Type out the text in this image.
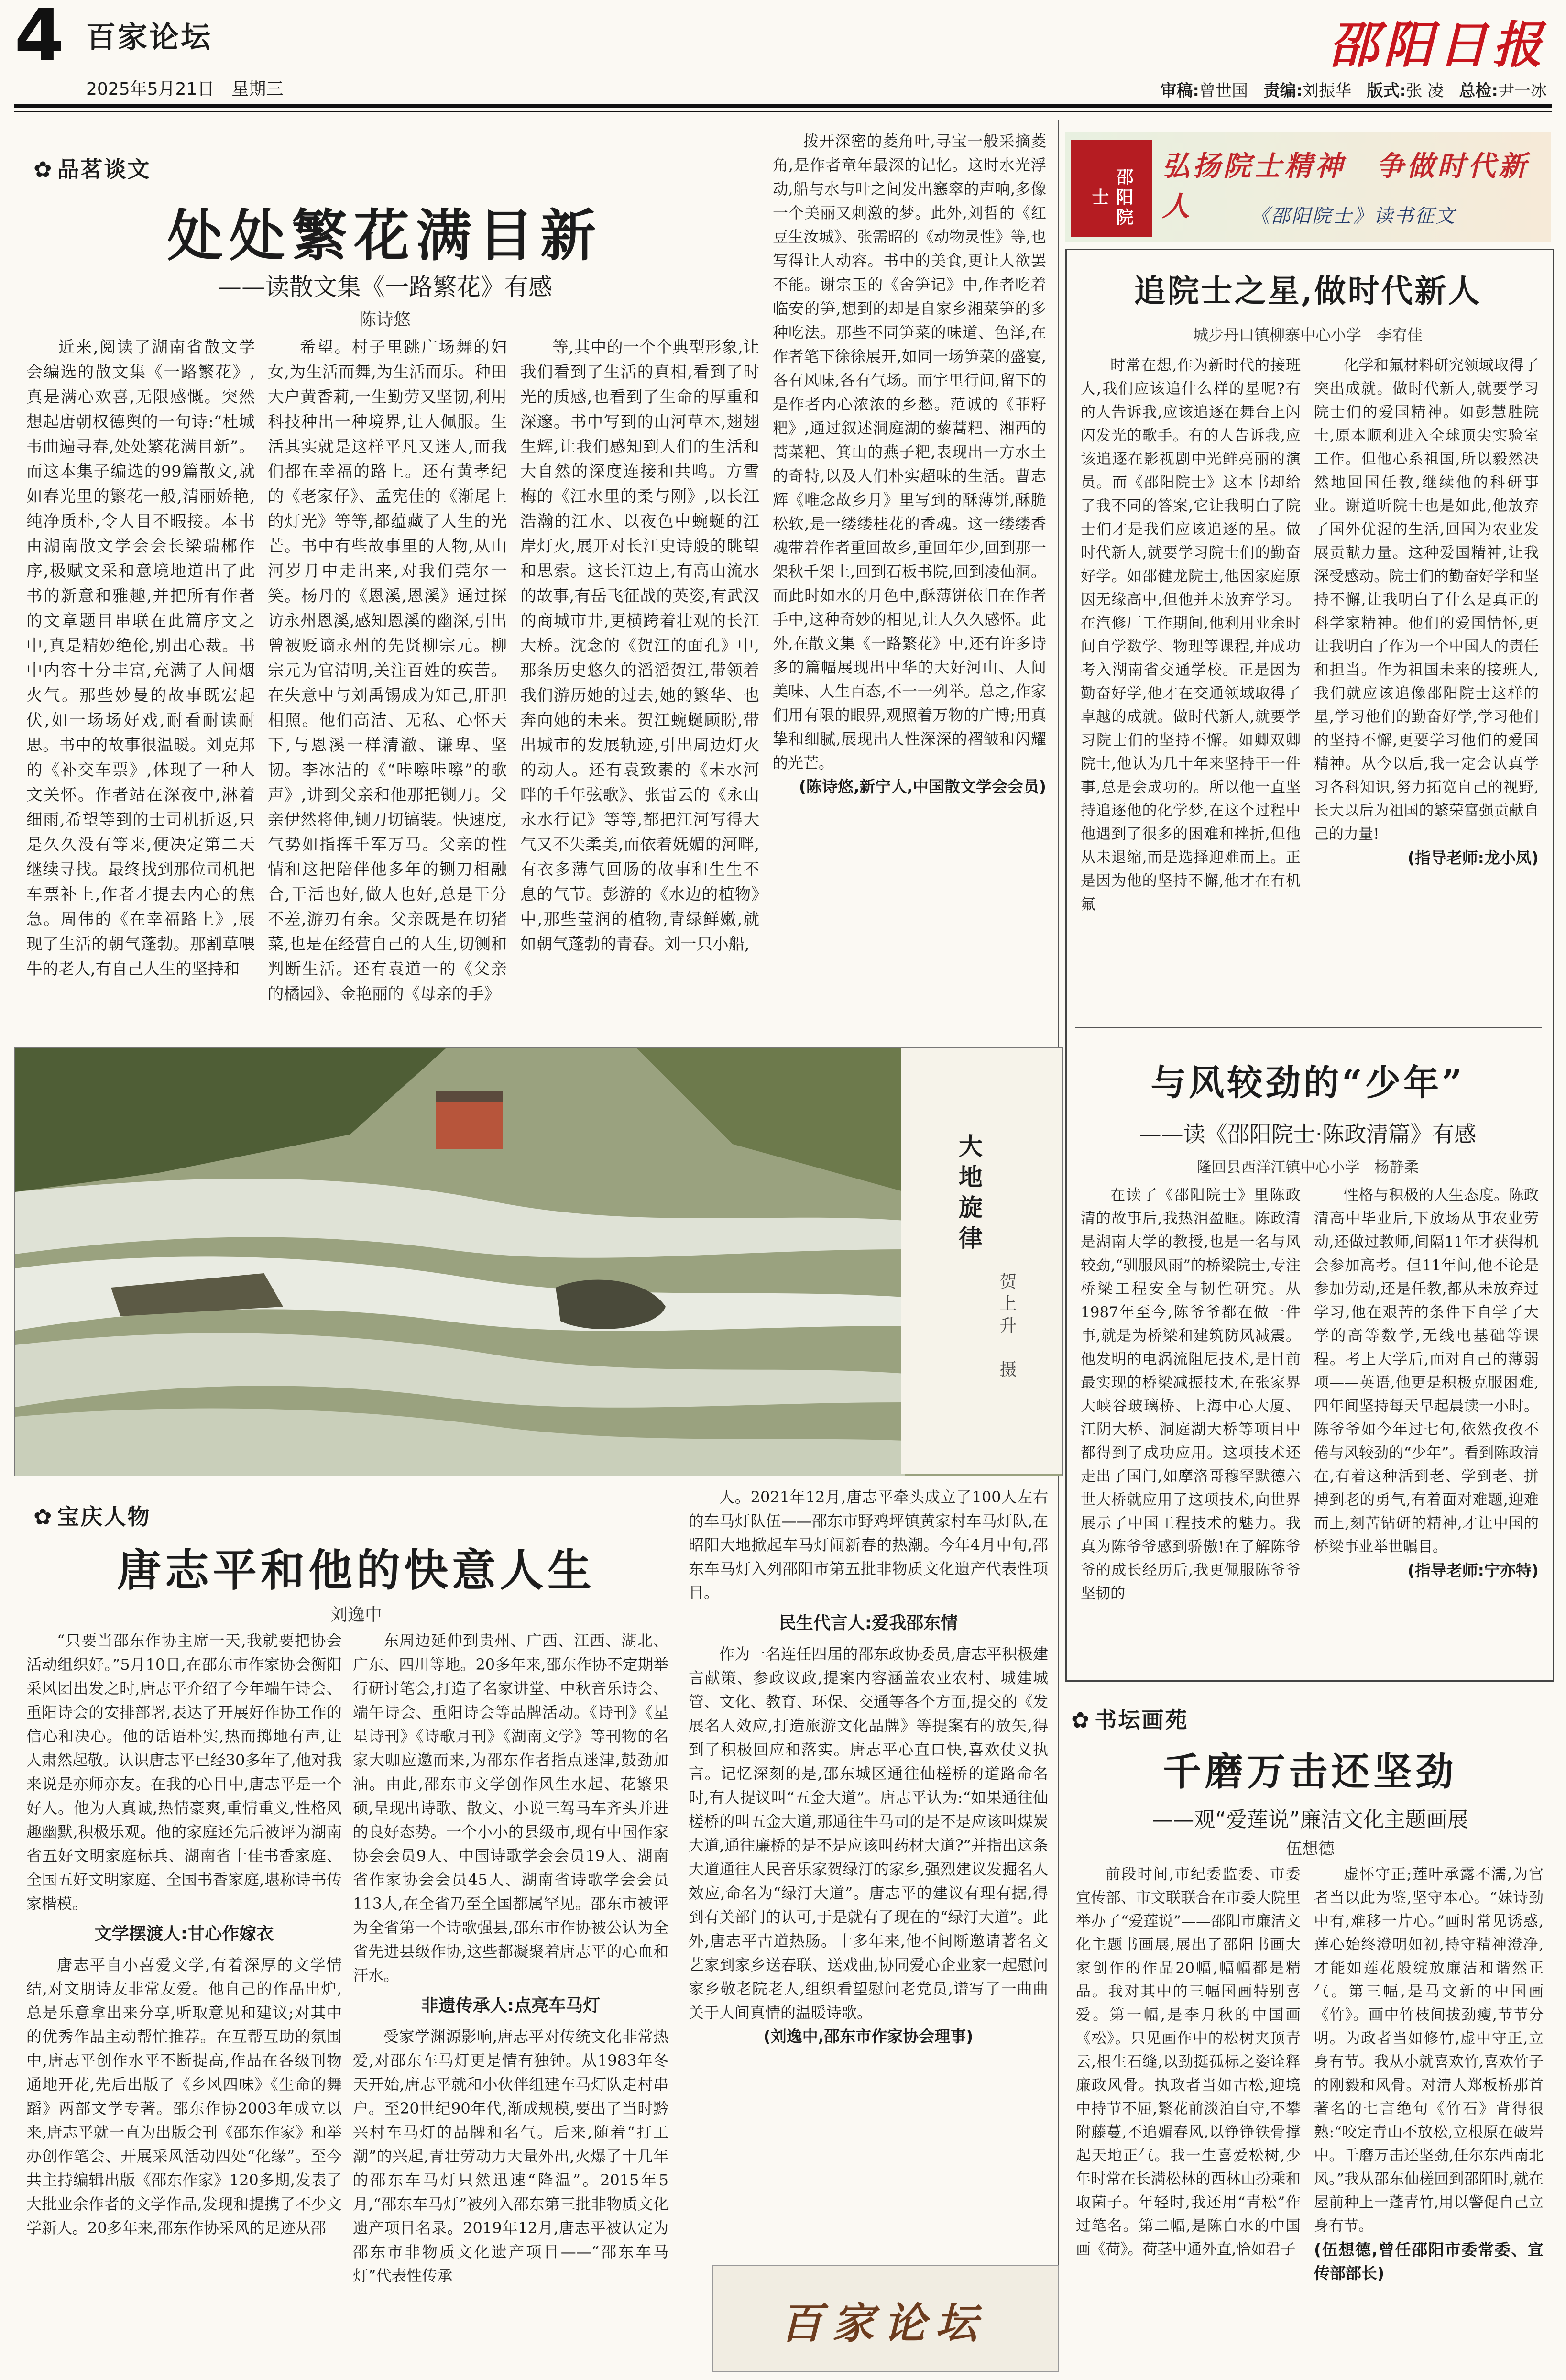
4 百家论坛
2025年5月21日　星期三
邵阳日报
审稿:曾世国 责编:刘振华 版式:张 凌 总检:尹一冰
✿ 品茗谈文
处处繁花满目新
——读散文集《一路繁花》有感
陈诗悠

近来,阅读了湖南省散文学会编选的散文集《一路繁花》,真是满心欢喜,无限感慨。突然想起唐朝权德舆的一句诗:“杜城韦曲遍寻春,处处繁花满目新”。而这本集子编选的99篇散文,就如春光里的繁花一般,清丽娇艳,纯净质朴,令人目不暇接。本书由湖南散文学会会长梁瑞郴作序,极赋文采和意境地道出了此书的新意和雅趣,并把所有作者的文章题目串联在此篇序文之中,真是精妙绝伦,别出心裁。书中内容十分丰富,充满了人间烟火气。那些妙曼的故事既宏起伏,如一场场好戏,耐看耐读耐思。书中的故事很温暖。刘克邦的《补交车票》,体现了一种人文关怀。作者站在深夜中,淋着细雨,希望等到的士司机折返,只是久久没有等来,便决定第二天继续寻找。最终找到那位司机把车票补上,作者才提去内心的焦急。周伟的《在幸福路上》,展现了生活的朝气蓬勃。那割草喂牛的老人,有自己人生的坚持和

希望。村子里跳广场舞的妇女,为生活而舞,为生活而乐。种田大户黄香莉,一生勤劳又坚韧,利用科技种出一种境界,让人佩服。生活其实就是这样平凡又迷人,而我们都在幸福的路上。还有黄孝纪的《老家仔》、孟宪佳的《渐尾上的灯光》等等,都蕴藏了人生的光芒。书中有些故事里的人物,从山河岁月中走出来,对我们莞尔一笑。杨丹的《恩溪,恩溪》通过探访永州恩溪,感知恩溪的幽深,引出曾被贬谪永州的先贤柳宗元。柳宗元为官清明,关注百姓的疾苦。在失意中与刘禹锡成为知己,肝胆相照。他们高洁、无私、心怀天下,与恩溪一样清澈、谦卑、坚韧。李冰洁的《“咔嚓咔嚓”的歌声》,讲到父亲和他那把铡刀。父亲伊然将伸,铡刀切镐装。快速度,气势如指挥千军万马。父亲的性情和这把陪伴他多年的铡刀相融合,干活也好,做人也好,总是干分不差,游刃有余。父亲既是在切猪菜,也是在经营自己的人生,切铡和判断生活。还有袁道一的《父亲的橘园》、金艳丽的《母亲的手》

等,其中的一个个典型形象,让我们看到了生活的真相,看到了时光的质感,也看到了生命的厚重和深邃。书中写到的山河草木,翅翅生辉,让我们感知到人们的生活和大自然的深度连接和共鸣。方雪梅的《江水里的柔与刚》,以长江浩瀚的江水、以夜色中蜿蜒的江岸灯火,展开对长江史诗般的眺望和思索。这长江边上,有高山流水的故事,有岳飞征战的英姿,有武汉的商城市井,更横跨着壮观的长江大桥。沈念的《贺江的面孔》中,那条历史悠久的滔滔贺江,带领着我们游历她的过去,她的繁华、也奔向她的未来。贺江蜿蜒顾盼,带出城市的发展轨迹,引出周边灯火的动人。还有袁致素的《未水河畔的千年弦歌》、张雷云的《永山永水行记》等等,都把江河写得大气又不失柔美,而依着妩媚的河畔,有衣多薄气回肠的故事和生生不息的气节。彭游的《水边的植物》中,那些莹润的植物,青绿鲜嫩,就如朝气蓬勃的青春。刘一只小船,

拨开深密的菱角叶,寻宝一般采摘菱角,是作者童年最深的记忆。这时水光浮动,船与水与叶之间发出窸窣的声响,多像一个美丽又刺激的梦。此外,刘哲的《红豆生汝城》、张需昭的《动物灵性》等,也写得让人动容。书中的美食,更让人欲罢不能。谢宗玉的《舍笋记》中,作者吃着临安的笋,想到的却是自家乡湘菜笋的多种吃法。那些不同笋菜的味道、色泽,在作者笔下徐徐展开,如同一场笋菜的盛宴,各有风味,各有气场。而宇里行间,留下的是作者内心浓浓的乡愁。范诚的《菲籽粑》,通过叙述洞庭湖的藜蒿粑、湘西的蒿菜粑、箕山的燕子粑,表现出一方水土的奇特,以及人们朴实超味的生活。曹志辉《唯念故乡月》里写到的酥薄饼,酥脆松软,是一缕缕桂花的香魂。这一缕缕香魂带着作者重回故乡,重回年少,回到那一架秋千架上,回到石板书院,回到凌仙洞。而此时如水的月色中,酥薄饼依旧在作者手中,这种奇妙的相见,让人久久感怀。此外,在散文集《一路繁花》中,还有许多诗多的篇幅展现出中华的大好河山、人间美味、人生百态,不一一列举。总之,作家们用有限的眼界,观照着万物的广博;用真挚和细腻,展现出人性深深的褶皱和闪耀的光芒。

(陈诗悠,新宁人,中国散文学会会员)
大地旋律
贺上升　摄
✿ 宝庆人物
唐志平和他的快意人生
刘逸中

“只要当邵东作协主席一天,我就要把协会活动组织好。”5月10日,在邵东市作家协会衡阳采风团出发之时,唐志平介绍了今年端午诗会、重阳诗会的安排部署,表达了开展好作协工作的信心和决心。他的话语朴实,热而掷地有声,让人肃然起敬。认识唐志平已经30多年了,他对我来说是亦师亦友。在我的心目中,唐志平是一个好人。他为人真诚,热情豪爽,重情重义,性格风趣幽默,积极乐观。他的家庭还先后被评为湖南省五好文明家庭标兵、湖南省十佳书香家庭、全国五好文明家庭、全国书香家庭,堪称诗书传家楷模。

文学摆渡人:甘心作嫁衣

唐志平自小喜爱文学,有着深厚的文学情结,对文朋诗友非常友爱。他自己的作品出炉,总是乐意拿出来分享,听取意见和建议;对其中的优秀作品主动帮忙推荐。在互帮互助的氛围中,唐志平创作水平不断提高,作品在各级刊物通地开花,先后出版了《乡风四味》《生命的舞蹈》两部文学专著。邵东作协2003年成立以来,唐志平就一直为出版会刊《邵东作家》和举办创作笔会、开展采风活动四处“化缘”。至今共主持编辑出版《邵东作家》120多期,发表了大批业余作者的文学作品,发现和提携了不少文学新人。20多年来,邵东作协采风的足迹从邵

东周边延伸到贵州、广西、江西、湖北、广东、四川等地。20多年来,邵东作协不定期举行研讨笔会,打造了名家讲堂、中秋音乐诗会、端午诗会、重阳诗会等品牌活动。《诗刊》《星星诗刊》《诗歌月刊》《湖南文学》等刊物的名家大咖应邀而来,为邵东作者指点迷津,鼓劲加油。由此,邵东市文学创作风生水起、花繁果硕,呈现出诗歌、散文、小说三驾马车齐头并进的良好态势。一个小小的县级市,现有中国作家协会会员9人、中国诗歌学会会员19人、湖南省作家协会会员45人、湖南省诗歌学会会员113人,在全省乃至全国都属罕见。邵东市被评为全省第一个诗歌强县,邵东市作协被公认为全省先进县级作协,这些都凝聚着唐志平的心血和汗水。

非遗传承人:点亮车马灯

受家学渊源影响,唐志平对传统文化非常热爱,对邵东车马灯更是情有独钟。从1983年冬天开始,唐志平就和小伙伴组建车马灯队走村串户。至20世纪90年代,渐成规模,要出了当时黔兴村车马灯的品牌和名气。后来,随着“打工潮”的兴起,青壮劳动力大量外出,火爆了十几年的邵东车马灯只然迅速“降温”。2015年5月,“邵东车马灯”被列入邵东第三批非物质文化遗产项目名录。2019年12月,唐志平被认定为邵东市非物质文化遗产项目——“邵东车马灯”代表性传承

人。2021年12月,唐志平牵头成立了100人左右的车马灯队伍——邵东市野鸡坪镇黄家村车马灯队,在昭阳大地掀起车马灯闹新春的热潮。今年4月中旬,邵东车马灯入列邵阳市第五批非物质文化遗产代表性项目。

民生代言人:爱我邵东情

作为一名连任四届的邵东政协委员,唐志平积极建言献策、参政议政,提案内容涵盖农业农村、城建城管、文化、教育、环保、交通等各个方面,提交的《发展名人效应,打造旅游文化品牌》等提案有的放矢,得到了积极回应和落实。唐志平心直口快,喜欢仗义执言。记忆深刻的是,邵东城区通往仙槎桥的道路命名时,有人提议叫“五金大道”。唐志平认为:“如果通往仙槎桥的叫五金大道,那通往牛马司的是不是应该叫煤炭大道,通往廉桥的是不是应该叫药材大道?”并指出这条大道通往人民音乐家贺绿汀的家乡,强烈建议发掘名人效应,命名为“绿汀大道”。唐志平的建议有理有据,得到有关部门的认可,于是就有了现在的“绿汀大道”。此外,唐志平古道热肠。十多年来,他不间断邀请著名文艺家到家乡送春联、送戏曲,协同爱心企业家一起慰问家乡敬老院老人,组织看望慰问老党员,谱写了一曲曲关于人间真情的温暖诗歌。

(刘逸中,邵东市作家协会理事)
百家论坛
邵阳院士
弘扬院士精神　争做时代新人	《邵阳院士》读书征文
追院士之星,做时代新人
城步丹口镇柳寨中心小学　李宥佳

时常在想,作为新时代的接班人,我们应该追什么样的星呢?有的人告诉我,应该追逐在舞台上闪闪发光的歌手。有的人告诉我,应该追逐在影视剧中光鲜亮丽的演员。而《邵阳院士》这本书却给了我不同的答案,它让我明白了院士们才是我们应该追逐的星。做时代新人,就要学习院士们的勤奋好学。如邵健龙院士,他因家庭原因无缘高中,但他并未放弃学习。在汽修厂工作期间,他利用业余时间自学数学、物理等课程,并成功考入湖南省交通学校。正是因为勤奋好学,他才在交通领域取得了卓越的成就。做时代新人,就要学习院士们的坚持不懈。如卿双卿院士,他认为几十年来坚持干一件事,总是会成功的。所以他一直坚持追逐他的化学梦,在这个过程中他遇到了很多的困难和挫折,但他从未退缩,而是选择迎难而上。正是因为他的坚持不懈,他才在有机氟

化学和氟材料研究领域取得了突出成就。做时代新人,就要学习院士们的爱国精神。如彭慧胜院士,原本顺利进入全球顶尖实验室工作。但他心系祖国,所以毅然决然地回国任教,继续他的科研事业。谢道昕院士也是如此,他放弃了国外优渥的生活,回国为农业发展贡献力量。这种爱国精神,让我深受感动。院士们的勤奋好学和坚持不懈,让我明白了什么是真正的科学家精神。他们的爱国情怀,更让我明白了作为一个中国人的责任和担当。作为祖国未来的接班人,我们就应该追像邵阳院士这样的星,学习他们的勤奋好学,学习他们的坚持不懈,更要学习他们的爱国精神。从今以后,我一定会认真学习各科知识,努力拓宽自己的视野,长大以后为祖国的繁荣富强贡献自己的力量!

(指导老师:龙小凤)
与风较劲的“少年”
——读《邵阳院士·陈政清篇》有感
隆回县西洋江镇中心小学　杨静柔

在读了《邵阳院士》里陈政清的故事后,我热泪盈眶。陈政清是湖南大学的教授,也是一名与风较劲,“驯服风雨”的桥梁院士,专注桥梁工程安全与韧性研究。从1987年至今,陈爷爷都在做一件事,就是为桥梁和建筑防风减震。他发明的电涡流阻尼技术,是目前最实现的桥梁减振技术,在张家界大峡谷玻璃桥、上海中心大厦、江阴大桥、洞庭湖大桥等项目中都得到了成功应用。这项技术还走出了国门,如摩洛哥穆罕默德六世大桥就应用了这项技术,向世界展示了中国工程技术的魅力。我真为陈爷爷感到骄傲!在了解陈爷爷的成长经历后,我更佩服陈爷爷坚韧的

性格与积极的人生态度。陈政清高中毕业后,下放场从事农业劳动,还做过教师,间隔11年才获得机会参加高考。但11年间,他不论是参加劳动,还是任教,都从未放弃过学习,他在艰苦的条件下自学了大学的高等数学,无线电基础等课程。考上大学后,面对自己的薄弱项——英语,他更是积极克服困难,四年间坚持每天早起晨读一小时。陈爷爷如今年过七旬,依然孜孜不倦与风较劲的“少年”。看到陈政清在,有着这种活到老、学到老、拼搏到老的勇气,有着面对难题,迎难而上,刻苦钻研的精神,才让中国的桥梁事业举世瞩目。

(指导老师:宁亦特)
✿ 书坛画苑
千磨万击还坚劲
——观“爱莲说”廉洁文化主题画展
伍想德

前段时间,市纪委监委、市委宣传部、市文联联合在市委大院里举办了“爱莲说”——邵阳市廉洁文化主题书画展,展出了邵阳书画大家创作的作品20幅,幅幅都是精品。我对其中的三幅国画特别喜爱。第一幅,是李月秋的中国画《松》。只见画作中的松树夹顶青云,根生石缝,以劲挺孤标之姿诠释廉政风骨。执政者当如古松,迎境中持节不屈,繁花前淡泊自守,不攀附藤蔓,不追媚春风,以铮铮铁骨撑起天地正气。我一生喜爱松树,少年时常在长满松林的西林山扮乘和取菌子。年轻时,我还用“青松”作过笔名。第二幅,是陈白水的中国画《荷》。荷茎中通外直,恰如君子

虚怀守正;莲叶承露不濡,为官者当以此为鉴,坚守本心。“妹诗劲中有,难移一片心。”画时常见诱惑,莲心始终澄明如初,持守精神澄净,才能如莲花般绽放廉洁和谐然正气。第三幅,是马文新的中国画《竹》。画中竹枝间拔劲瘦,节节分明。为政者当如修竹,虚中守正,立身有节。我从小就喜欢竹,喜欢竹子的刚毅和风骨。对清人郑板桥那首著名的七言绝句《竹石》背得很熟:“咬定青山不放松,立根原在破岩中。千磨万击还坚劲,任尔东西南北风。”我从邵东仙槎回到邵阳时,就在屋前种上一蓬青竹,用以警促自己立身有节。

(伍想德,曾任邵阳市委常委、宣传部部长)
